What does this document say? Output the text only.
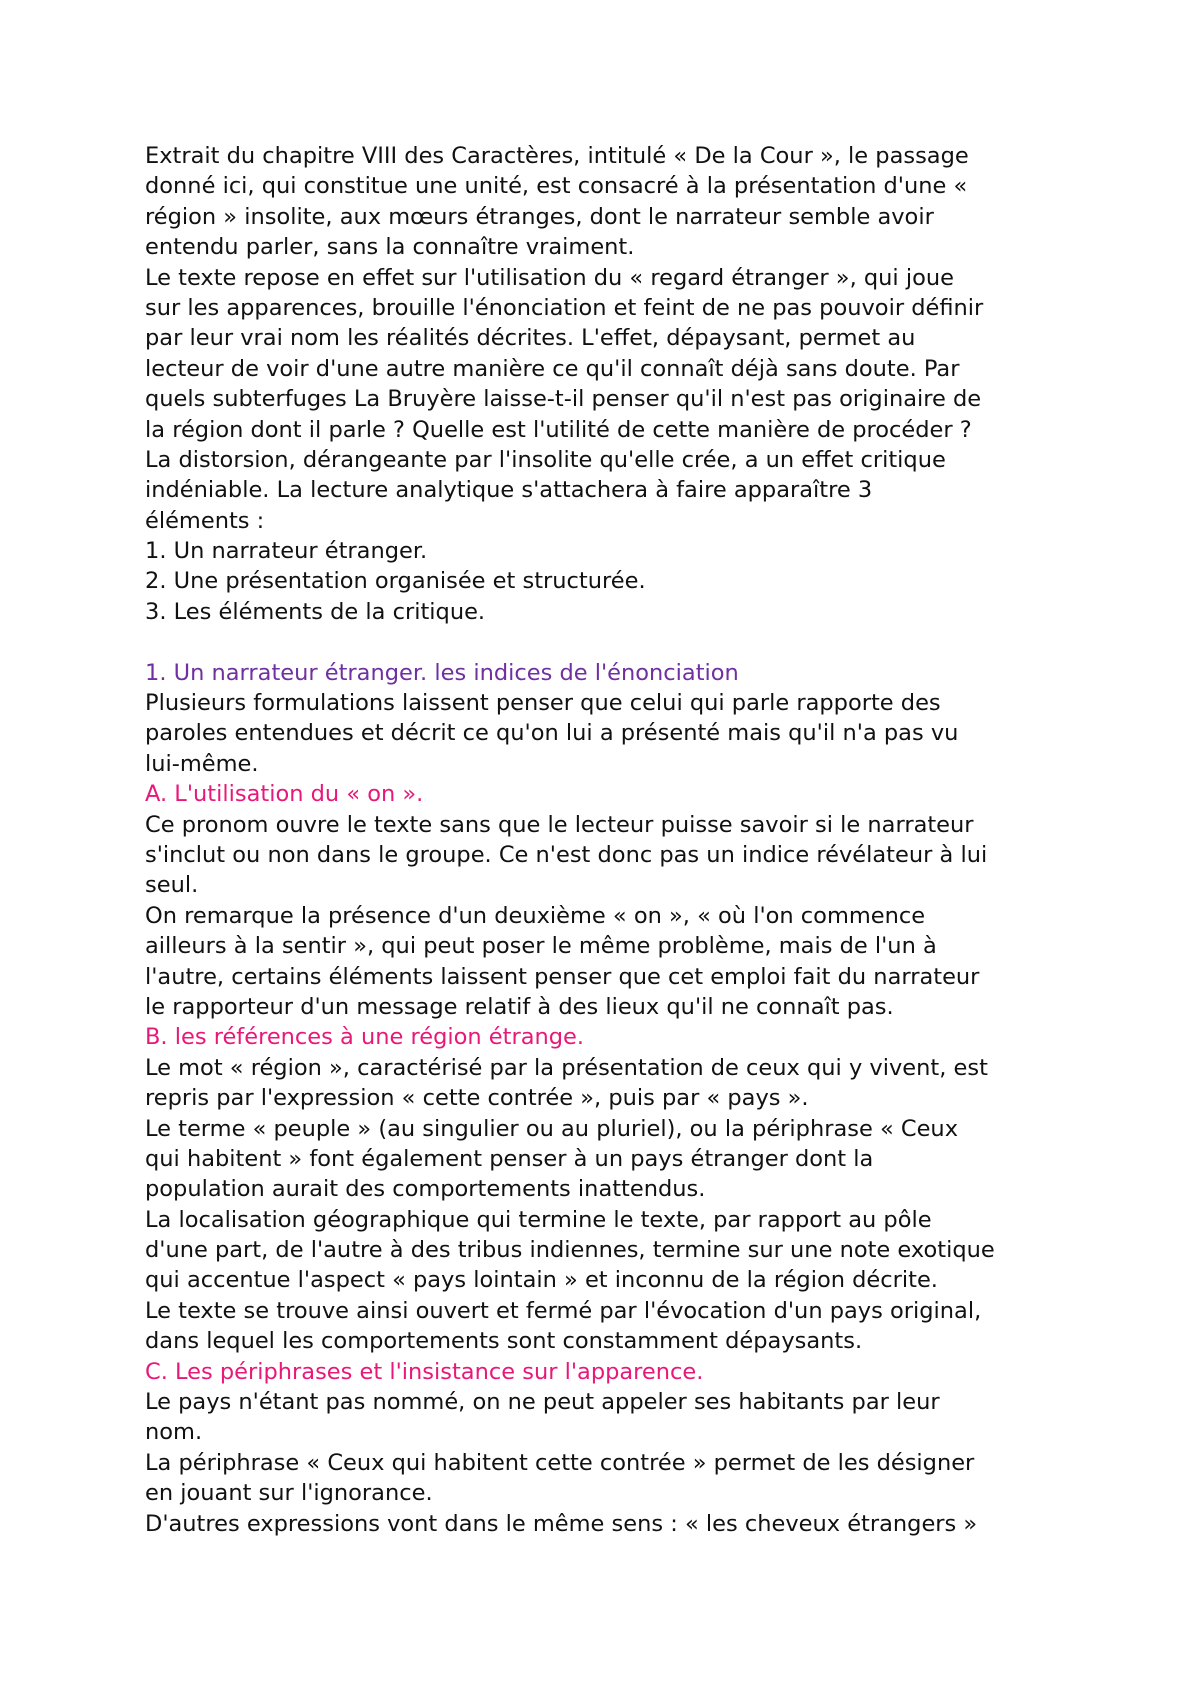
Extrait du chapitre VIII des Caractères, intitulé « De la Cour », le passage
donné ici, qui constitue une unité, est consacré à la présentation d'une «
région » insolite, aux mœurs étranges, dont le narrateur semble avoir
entendu parler, sans la connaître vraiment.
Le texte repose en effet sur l'utilisation du « regard étranger », qui joue
sur les apparences, brouille l'énonciation et feint de ne pas pouvoir définir
par leur vrai nom les réalités décrites. L'effet, dépaysant, permet au
lecteur de voir d'une autre manière ce qu'il connaît déjà sans doute. Par
quels subterfuges La Bruyère laisse-t-il penser qu'il n'est pas originaire de
la région dont il parle ? Quelle est l'utilité de cette manière de procéder ?
La distorsion, dérangeante par l'insolite qu'elle crée, a un effet critique
indéniable. La lecture analytique s'attachera à faire apparaître 3
éléments :
1. Un narrateur étranger.
2. Une présentation organisée et structurée.
3. Les éléments de la critique.
1. Un narrateur étranger. les indices de l'énonciation
Plusieurs formulations laissent penser que celui qui parle rapporte des
paroles entendues et décrit ce qu'on lui a présenté mais qu'il n'a pas vu
lui-même.
A. L'utilisation du « on ».
Ce pronom ouvre le texte sans que le lecteur puisse savoir si le narrateur
s'inclut ou non dans le groupe. Ce n'est donc pas un indice révélateur à lui
seul.
On remarque la présence d'un deuxième « on », « où l'on commence
ailleurs à la sentir », qui peut poser le même problème, mais de l'un à
l'autre, certains éléments laissent penser que cet emploi fait du narrateur
le rapporteur d'un message relatif à des lieux qu'il ne connaît pas.
B. les références à une région étrange.
Le mot « région », caractérisé par la présentation de ceux qui y vivent, est
repris par l'expression « cette contrée », puis par « pays ».
Le terme « peuple » (au singulier ou au pluriel), ou la périphrase « Ceux
qui habitent » font également penser à un pays étranger dont la
population aurait des comportements inattendus.
La localisation géographique qui termine le texte, par rapport au pôle
d'une part, de l'autre à des tribus indiennes, termine sur une note exotique
qui accentue l'aspect « pays lointain » et inconnu de la région décrite.
Le texte se trouve ainsi ouvert et fermé par l'évocation d'un pays original,
dans lequel les comportements sont constamment dépaysants.
C. Les périphrases et l'insistance sur l'apparence.
Le pays n'étant pas nommé, on ne peut appeler ses habitants par leur
nom.
La périphrase « Ceux qui habitent cette contrée » permet de les désigner
en jouant sur l'ignorance.
D'autres expressions vont dans le même sens : « les cheveux étrangers »
